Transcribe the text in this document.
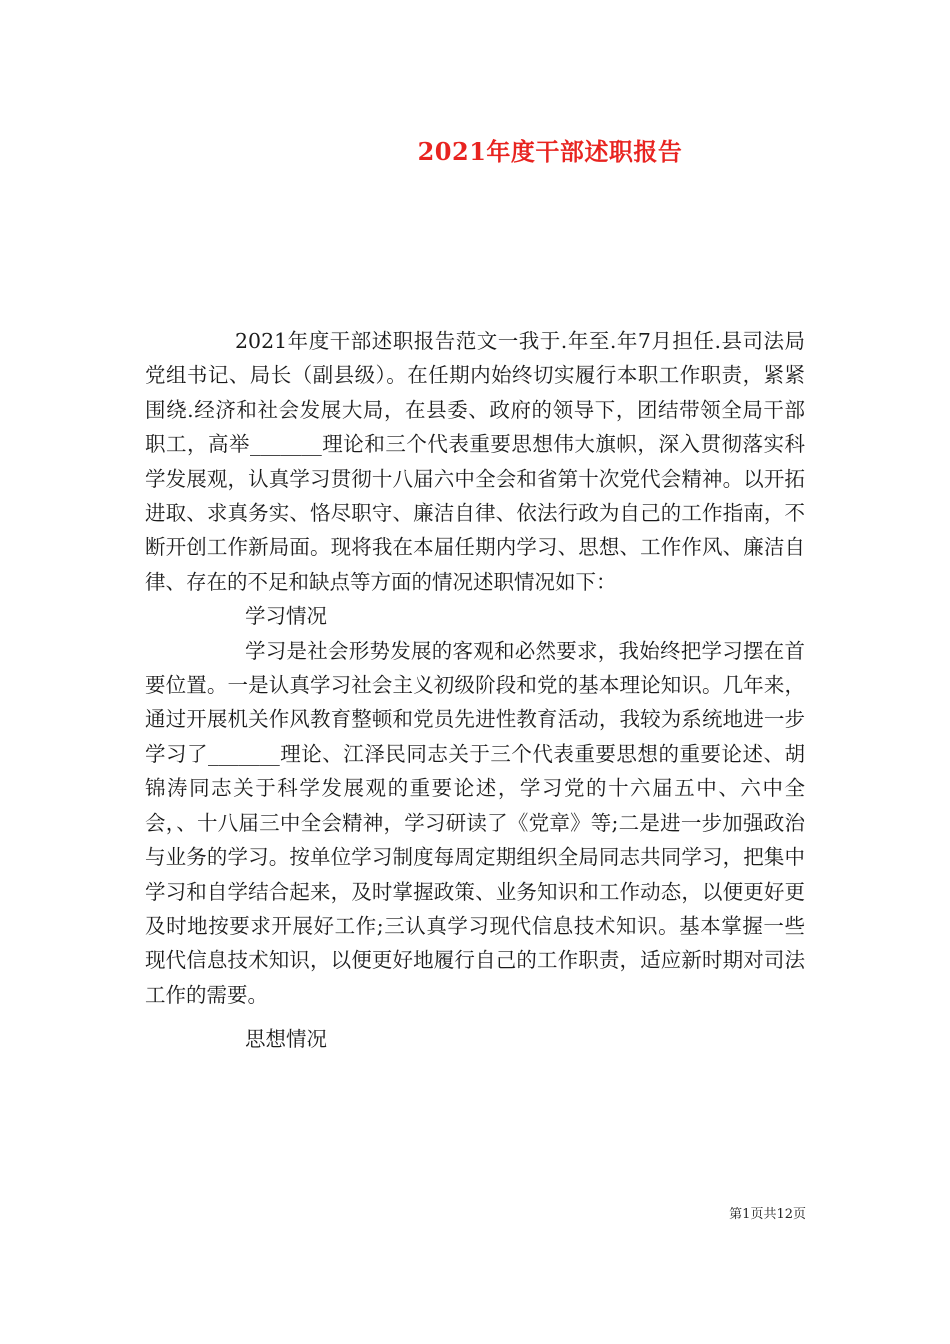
2021年度干部述职报告

2021年度干部述职报告范文一我于.年至.年7月担任.县司法局党组书记、局长（副县级）。在任期内始终切实履行本职工作职责，紧紧围绕.经济和社会发展大局，在县委、政府的领导下，团结带领全局干部职工，高举_______理论和三个代表重要思想伟大旗帜，深入贯彻落实科学发展观，认真学习贯彻十八届六中全会和省第十次党代会精神。以开拓进取、求真务实、恪尽职守、廉洁自律、依法行政为自己的工作指南，不断开创工作新局面。现将我在本届任期内学习、思想、工作作风、廉洁自律、存在的不足和缺点等方面的情况述职情况如下：

学习情况

学习是社会形势发展的客观和必然要求，我始终把学习摆在首要位置。一是认真学习社会主义初级阶段和党的基本理论知识。几年来，通过开展机关作风教育整顿和党员先进性教育活动，我较为系统地进一步学习了_______理论、江泽民同志关于三个代表重要思想的重要论述、胡锦涛同志关于科学发展观的重要论述，学习党的十六届五中、六中全会，、十八届三中全会精神，学习研读了《党章》等;二是进一步加强政治与业务的学习。按单位学习制度每周定期组织全局同志共同学习，把集中学习和自学结合起来，及时掌握政策、业务知识和工作动态，以便更好更及时地按要求开展好工作;三认真学习现代信息技术知识。基本掌握一些现代信息技术知识，以便更好地履行自己的工作职责，适应新时期对司法工作的需要。

思想情况

第1页共12页
